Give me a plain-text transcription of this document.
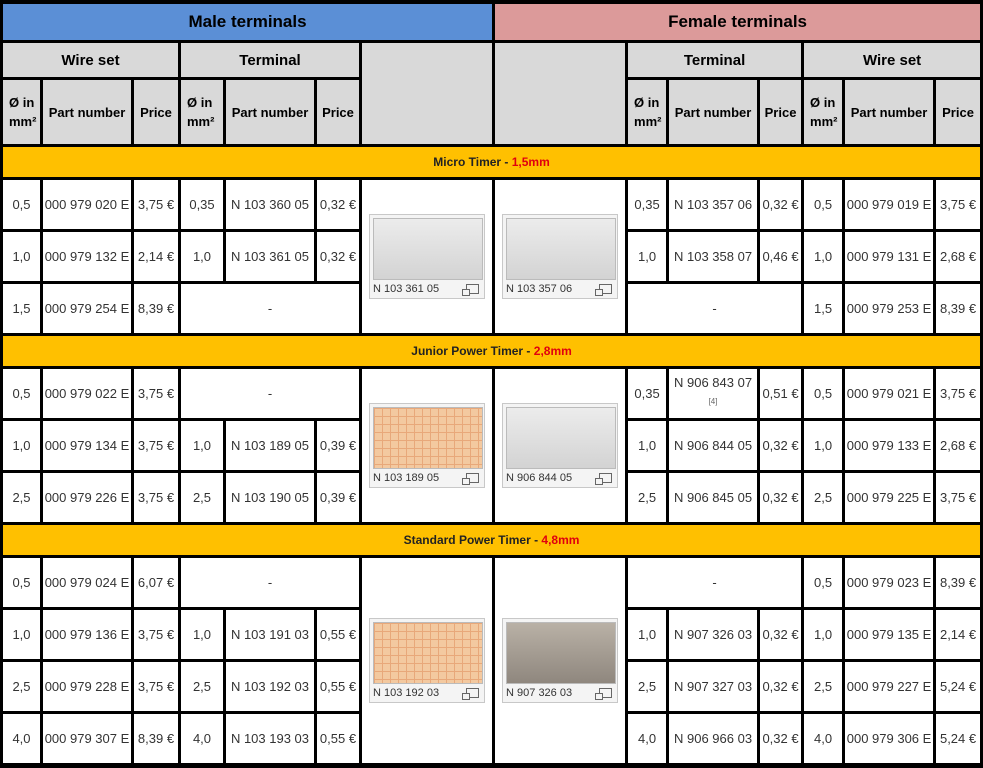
Male terminals							Female terminals						
Wire set			Terminal					Terminal			Wire set		
Ø in mm²	Part number	Price	Ø in mm²	Part number	Price			Ø in mm²	Part number	Price	Ø in mm²	Part number	Price
Micro Timer - 1,5mm													
0,5	000 979 020 E	3,75 €	0,35	N 103 360 05	0,32 €	N 103 361 05	N 103 357 06	0,35	N 103 357 06	0,32 €	0,5	000 979 019 E	3,75 €
1,0	000 979 132 E	2,14 €	1,0	N 103 361 05	0,32 €			1,0	N 103 358 07	0,46 €	1,0	000 979 131 E	2,68 €
1,5	000 979 254 E	8,39 €	-					-			1,5	000 979 253 E	8,39 €
Junior Power Timer - 2,8mm													
0,5	000 979 022 E	3,75 €	-			N 103 189 05	N 906 844 05	0,35	N 906 843 07 [4]	0,51 €	0,5	000 979 021 E	3,75 €
1,0	000 979 134 E	3,75 €	1,0	N 103 189 05	0,39 €			1,0	N 906 844 05	0,32 €	1,0	000 979 133 E	2,68 €
2,5	000 979 226 E	3,75 €	2,5	N 103 190 05	0,39 €			2,5	N 906 845 05	0,32 €	2,5	000 979 225 E	3,75 €
Standard Power Timer - 4,8mm													
0,5	000 979 024 E	6,07 €	-			N 103 192 03	N 907 326 03	-			0,5	000 979 023 E	8,39 €
1,0	000 979 136 E	3,75 €	1,0	N 103 191 03	0,55 €			1,0	N 907 326 03	0,32 €	1,0	000 979 135 E	2,14 €
2,5	000 979 228 E	3,75 €	2,5	N 103 192 03	0,55 €			2,5	N 907 327 03	0,32 €	2,5	000 979 227 E	5,24 €
4,0	000 979 307 E	8,39 €	4,0	N 103 193 03	0,55 €			4,0	N 906 966 03	0,32 €	4,0	000 979 306 E	5,24 €
